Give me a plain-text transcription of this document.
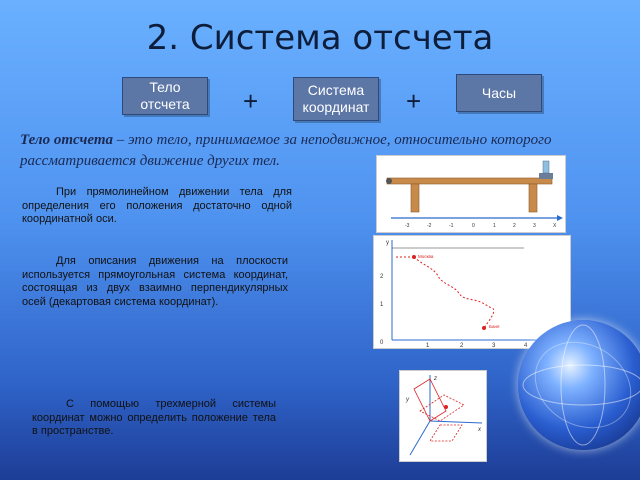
2. Система отсчета
Тело отсчета	+	Система координат	+	Часы
Тело отсчета – это тело, принимаемое за неподвижное, относительно которого рассматривается движение других тел.
При прямолинейном движении тела для определения его положения достаточно одной координатной оси.
Для описания движения на плоскости используется прямоугольная система координат, состоящая из двух взаимно перпендикулярных осей (декартовая система координат).
С помощью трехмерной системы координат можно определить положение тела в пространстве.
-3	-2	-1	0	1	2	3	X
2
1
0	1	2	3	4
y
Москва
Баня
z
y
x
